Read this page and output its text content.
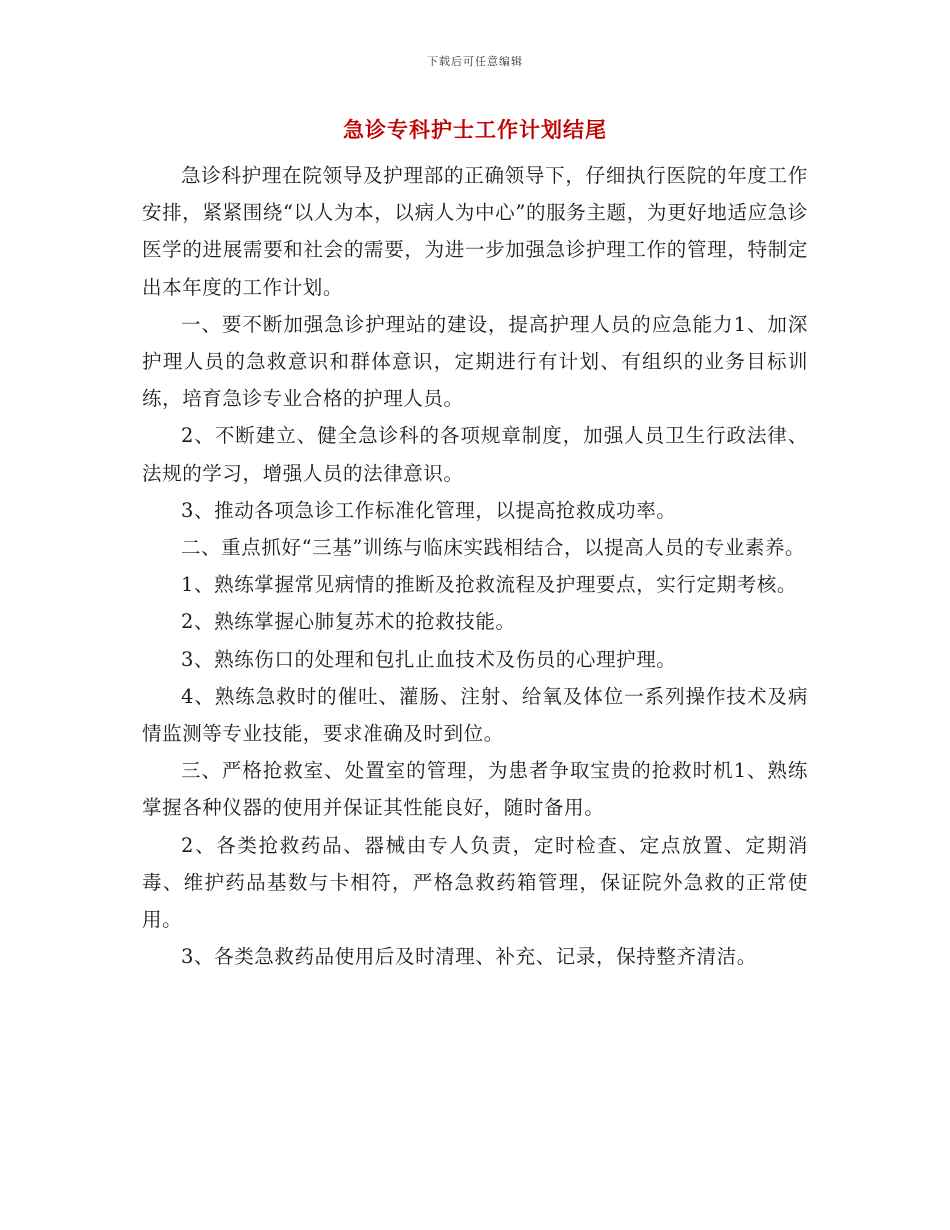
下载后可任意编辑
急诊专科护士工作计划结尾

急诊科护理在院领导及护理部的正确领导下，仔细执行医院的年度工作安排，紧紧围绕“以人为本，以病人为中心”的服务主题，为更好地适应急诊医学的进展需要和社会的需要，为进一步加强急诊护理工作的管理，特制定出本年度的工作计划。

一、要不断加强急诊护理站的建设，提高护理人员的应急能力1、加深护理人员的急救意识和群体意识，定期进行有计划、有组织的业务目标训练，培育急诊专业合格的护理人员。

2、不断建立、健全急诊科的各项规章制度，加强人员卫生行政法律、法规的学习，增强人员的法律意识。

3、推动各项急诊工作标准化管理，以提高抢救成功率。

二、重点抓好“三基”训练与临床实践相结合，以提高人员的专业素养。

1、熟练掌握常见病情的推断及抢救流程及护理要点，实行定期考核。

2、熟练掌握心肺复苏术的抢救技能。

3、熟练伤口的处理和包扎止血技术及伤员的心理护理。

4、熟练急救时的催吐、灌肠、注射、给氧及体位一系列操作技术及病情监测等专业技能，要求准确及时到位。

三、严格抢救室、处置室的管理，为患者争取宝贵的抢救时机1、熟练掌握各种仪器的使用并保证其性能良好，随时备用。

2、各类抢救药品、器械由专人负责，定时检查、定点放置、定期消毒、维护药品基数与卡相符，严格急救药箱管理，保证院外急救的正常使用。

3、各类急救药品使用后及时清理、补充、记录，保持整齐清洁。
